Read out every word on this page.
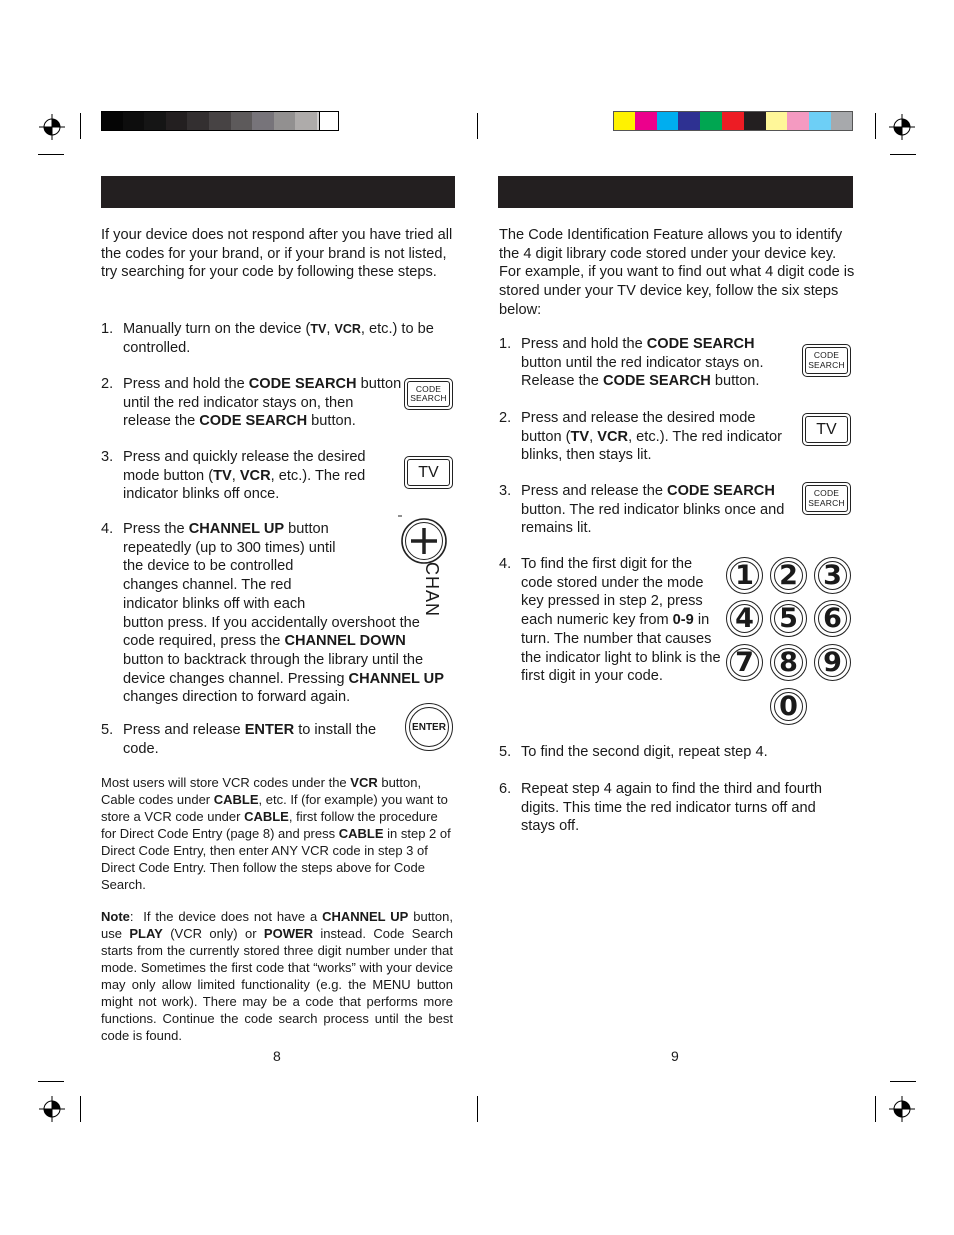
If your device does not respond after you have tried all the codes for your brand, or if your brand is not listed, try searching for your code by following these steps.

1. Manually turn on the device (TV, VCR, etc.) to be controlled.

2. Press and hold the CODE SEARCH button until the red indicator stays on, then release the CODE SEARCH button.

CODE
SEARCH
3. Press and quickly release the desired mode button (TV, VCR, etc.). The red indicator blinks off once.

TV
4. Press the CHANNEL UP button
repeatedly (up to 300 times) until
the device to be controlled
changes channel. The red
indicator blinks off with each
button press. If you accidentally overshoot the code required, press the CHANNEL DOWN button to backtrack through the library until the device changes channel. Pressing CHANNEL UP changes direction to forward again.

CHAN
5. Press and release ENTER to install the code.

ENTER

Most users will store VCR codes under the VCR button, Cable codes under CABLE, etc. If (for example) you want to store a VCR code under CABLE, first follow the procedure for Direct Code Entry (page 8) and press CABLE in step 2 of Direct Code Entry, then enter ANY VCR code in step 3 of Direct Code Entry. Then follow the steps above for Code Search.

Note:  If the device does not have a CHANNEL UP button, use PLAY (VCR only) or POWER instead. Code Search starts from the currently stored three digit number under that mode. Sometimes the first code that “works” with your device may only allow limited functionality (e.g. the MENU button might not work). There may be a code that performs more functions. Continue the code search process until the best code is found.

8

The Code Identification Feature allows you to identify the 4 digit library code stored under your device key. For example, if you want to find out what 4 digit code is stored under your TV device key, follow the six steps below:

1. Press and hold the CODE SEARCH button until the red indicator stays on. Release the CODE SEARCH button.

CODE
SEARCH
2. Press and release the desired mode button (TV, VCR, etc.). The red indicator blinks, then stays lit.

TV
3. Press and release the CODE SEARCH button. The red indicator blinks once and remains lit.

CODE
SEARCH
4. To find the first digit for the code stored under the mode key pressed in step 2, press each numeric key from 0-9 in turn. The number that causes the indicator light to blink is the first digit in your code.

1 2 3
4 5 6
7 8 9
0
5. To find the second digit, repeat step 4.

6. Repeat step 4 again to find the third and fourth digits. This time the red indicator turns off and stays off.

9
